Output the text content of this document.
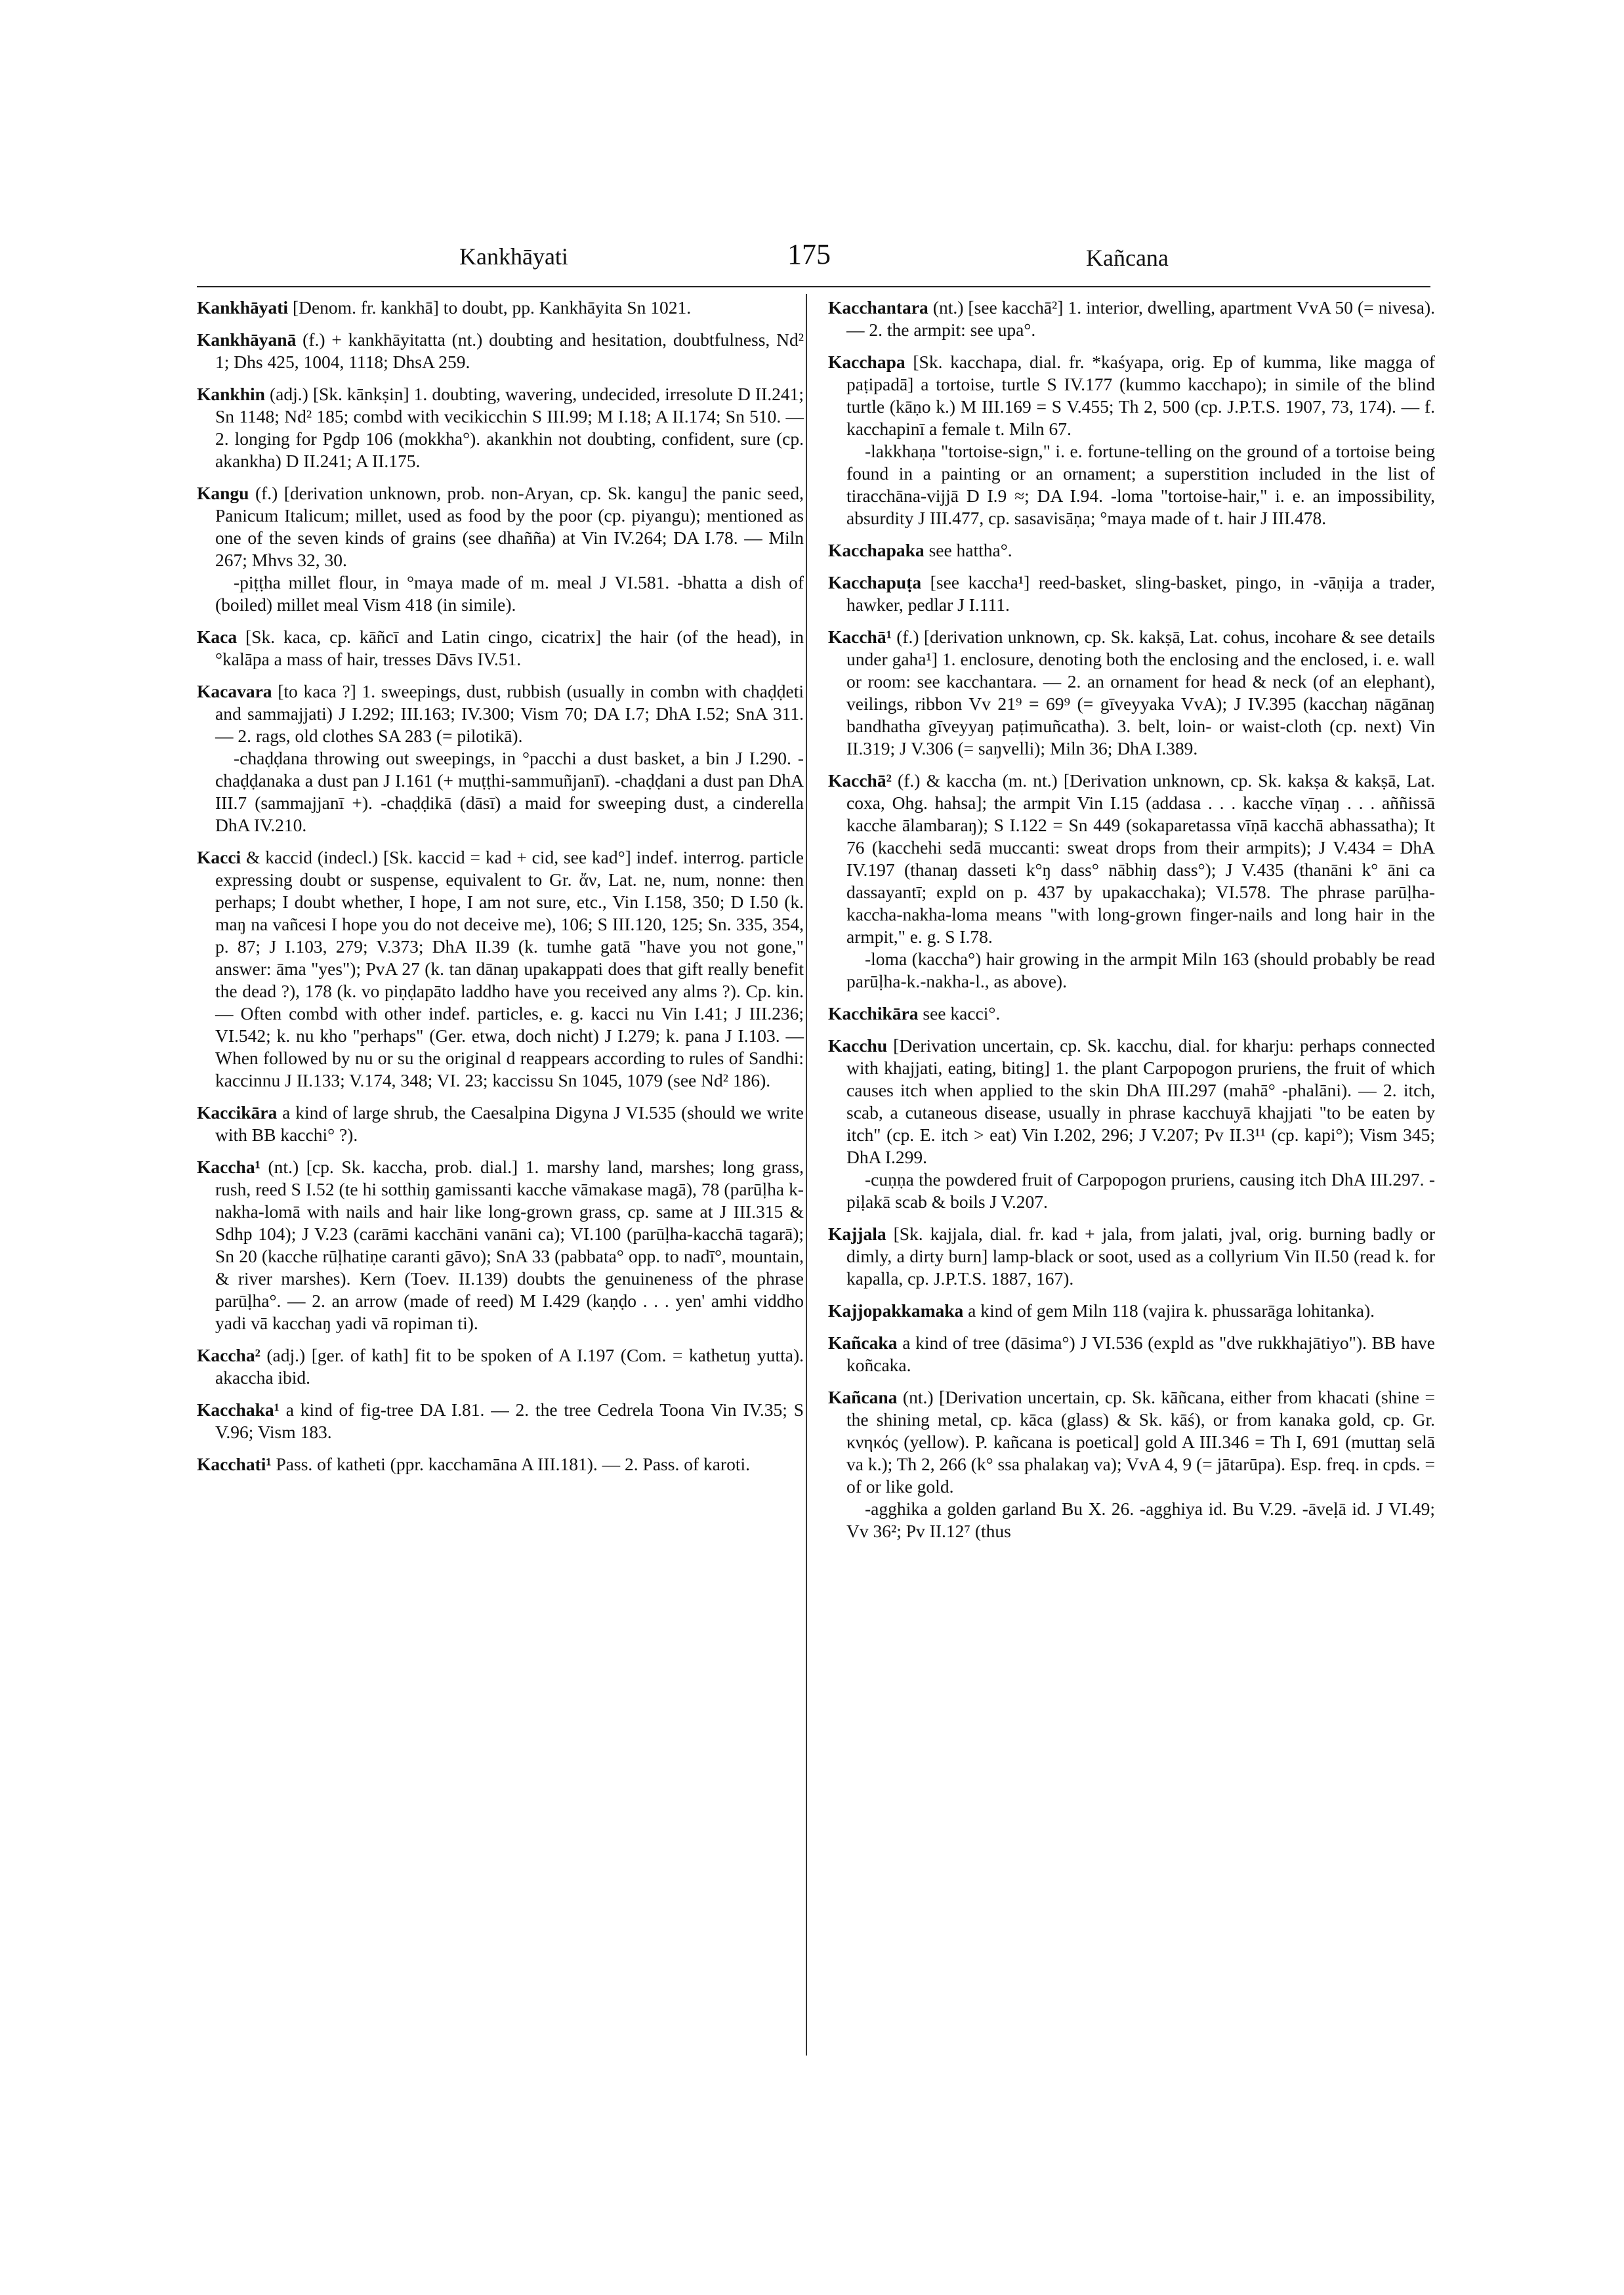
Kankhāyati	175	Kañcana

Kankhāyati [Denom. fr. kankhā] to doubt, pp. Kankhāyita Sn 1021.

Kankhāyanā (f.) + kankhāyitatta (nt.) doubting and hesitation, doubtfulness, Nd² 1; Dhs 425, 1004, 1118; DhsA 259.

Kankhin (adj.) [Sk. kānkṣin] 1. doubting, wavering, undecided, irresolute D II.241; Sn 1148; Nd² 185; combd with vecikicchin S III.99; M I.18; A II.174; Sn 510. — 2. longing for Pgdp 106 (mokkha°). akankhin not doubting, confident, sure (cp. akankha) D II.241; A II.175.

Kangu (f.) [derivation unknown, prob. non-Aryan, cp. Sk. kangu] the panic seed, Panicum Italicum; millet, used as food by the poor (cp. piyangu); mentioned as one of the seven kinds of grains (see dhañña) at Vin IV.264; DA I.78. — Miln 267; Mhvs 32, 30.

-piṭṭha millet flour, in °maya made of m. meal J VI.581. -bhatta a dish of (boiled) millet meal Vism 418 (in simile).

Kaca [Sk. kaca, cp. kāñcī and Latin cingo, cicatrix] the hair (of the head), in °kalāpa a mass of hair, tresses Dāvs IV.51.

Kacavara [to kaca ?] 1. sweepings, dust, rubbish (usually in combn with chaḍḍeti and sammajjati) J I.292; III.163; IV.300; Vism 70; DA I.7; DhA I.52; SnA 311. — 2. rags, old clothes SA 283 (= pilotikā).

-chaḍḍana throwing out sweepings, in °pacchi a dust basket, a bin J I.290. -chaḍḍanaka a dust pan J I.161 (+ muṭṭhi-sammuñjanī). -chaḍḍani a dust pan DhA III.7 (sammajjanī +). -chaḍḍikā (dāsī) a maid for sweeping dust, a cinderella DhA IV.210.

Kacci & kaccid (indecl.) [Sk. kaccid = kad + cid, see kad°] indef. interrog. particle expressing doubt or suspense, equivalent to Gr. ἄν, Lat. ne, num, nonne: then perhaps; I doubt whether, I hope, I am not sure, etc., Vin I.158, 350; D I.50 (k. maŋ na vañcesi I hope you do not deceive me), 106; S III.120, 125; Sn. 335, 354, p. 87; J I.103, 279; V.373; DhA II.39 (k. tumhe gatā "have you not gone," answer: āma "yes"); PvA 27 (k. tan dānaŋ upakappati does that gift really benefit the dead ?), 178 (k. vo piṇḍapāto laddho have you received any alms ?). Cp. kin. — Often combd with other indef. particles, e. g. kacci nu Vin I.41; J III.236; VI.542; k. nu kho "perhaps" (Ger. etwa, doch nicht) J I.279; k. pana J I.103. — When followed by nu or su the original d reappears according to rules of Sandhi: kaccinnu J II.133; V.174, 348; VI. 23; kaccissu Sn 1045, 1079 (see Nd² 186).

Kaccikāra a kind of large shrub, the Caesalpina Digyna J VI.535 (should we write with BB kacchi° ?).

Kaccha¹ (nt.) [cp. Sk. kaccha, prob. dial.] 1. marshy land, marshes; long grass, rush, reed S I.52 (te hi sotthiŋ gamissanti kacche vāmakase magā), 78 (parūḷha k-nakha-lomā with nails and hair like long-grown grass, cp. same at J III.315 & Sdhp 104); J V.23 (carāmi kacchāni vanāni ca); VI.100 (parūḷha-kacchā tagarā); Sn 20 (kacche rūḷhatiṇe caranti gāvo); SnA 33 (pabbata° opp. to nadī°, mountain, & river marshes). Kern (Toev. II.139) doubts the genuineness of the phrase parūḷha°. — 2. an arrow (made of reed) M I.429 (kaṇḍo . . . yen' amhi viddho yadi vā kacchaŋ yadi vā ropiman ti).

Kaccha² (adj.) [ger. of kath] fit to be spoken of A I.197 (Com. = kathetuŋ yutta). akaccha ibid.

Kacchaka¹ a kind of fig-tree DA I.81. — 2. the tree Cedrela Toona Vin IV.35; S V.96; Vism 183.

Kacchati¹ Pass. of katheti (ppr. kacchamāna A III.181). — 2. Pass. of karoti.

Kacchantara (nt.) [see kacchā²] 1. interior, dwelling, apartment VvA 50 (= nivesa). — 2. the armpit: see upa°.

Kacchapa [Sk. kacchapa, dial. fr. *kaśyapa, orig. Ep of kumma, like magga of paṭipadā] a tortoise, turtle S IV.177 (kummo kacchapo); in simile of the blind turtle (kāṇo k.) M III.169 = S V.455; Th 2, 500 (cp. J.P.T.S. 1907, 73, 174). — f. kacchapinī a female t. Miln 67.

-lakkhaṇa "tortoise-sign," i. e. fortune-telling on the ground of a tortoise being found in a painting or an ornament; a superstition included in the list of tiracchāna-vijjā D I.9 ≈; DA I.94. -loma "tortoise-hair," i. e. an impossibility, absurdity J III.477, cp. sasavisāṇa; °maya made of t. hair J III.478.

Kacchapaka see hattha°.

Kacchapuṭa [see kaccha¹] reed-basket, sling-basket, pingo, in -vāṇija a trader, hawker, pedlar J I.111.

Kacchā¹ (f.) [derivation unknown, cp. Sk. kakṣā, Lat. cohus, incohare & see details under gaha¹] 1. enclosure, denoting both the enclosing and the enclosed, i. e. wall or room: see kacchantara. — 2. an ornament for head & neck (of an elephant), veilings, ribbon Vv 21⁹ = 69⁹ (= gīveyyaka VvA); J IV.395 (kacchaŋ nāgānaŋ bandhatha gīveyyaŋ paṭimuñcatha). 3. belt, loin- or waist-cloth (cp. next) Vin II.319; J V.306 (= saŋvelli); Miln 36; DhA I.389.

Kacchā² (f.) & kaccha (m. nt.) [Derivation unknown, cp. Sk. kakṣa & kakṣā, Lat. coxa, Ohg. hahsa]; the armpit Vin I.15 (addasa . . . kacche vīṇaŋ . . . aññissā kacche ālambaraŋ); S I.122 = Sn 449 (sokaparetassa vīṇā kacchā abhassatha); It 76 (kacchehi sedā muccanti: sweat drops from their armpits); J V.434 = DhA IV.197 (thanaŋ dasseti k°ŋ dass° nābhiŋ dass°); J V.435 (thanāni k° āni ca dassayantī; expld on p. 437 by upakacchaka); VI.578. The phrase parūḷha-kaccha-nakha-loma means "with long-grown finger-nails and long hair in the armpit," e. g. S I.78.

-loma (kaccha°) hair growing in the armpit Miln 163 (should probably be read parūḷha-k.-nakha-l., as above).

Kacchikāra see kacci°.

Kacchu [Derivation uncertain, cp. Sk. kacchu, dial. for kharju: perhaps connected with khajjati, eating, biting] 1. the plant Carpopogon pruriens, the fruit of which causes itch when applied to the skin DhA III.297 (mahā° -phalāni). — 2. itch, scab, a cutaneous disease, usually in phrase kacchuyā khajjati "to be eaten by itch" (cp. E. itch > eat) Vin I.202, 296; J V.207; Pv II.3¹¹ (cp. kapi°); Vism 345; DhA I.299.

-cuṇṇa the powdered fruit of Carpopogon pruriens, causing itch DhA III.297. -piḷakā scab & boils J V.207.

Kajjala [Sk. kajjala, dial. fr. kad + jala, from jalati, jval, orig. burning badly or dimly, a dirty burn] lamp-black or soot, used as a collyrium Vin II.50 (read k. for kapalla, cp. J.P.T.S. 1887, 167).

Kajjopakkamaka a kind of gem Miln 118 (vajira k. phussarāga lohitanka).

Kañcaka a kind of tree (dāsima°) J VI.536 (expld as "dve rukkhajātiyo"). BB have koñcaka.

Kañcana (nt.) [Derivation uncertain, cp. Sk. kāñcana, either from khacati (shine = the shining metal, cp. kāca (glass) & Sk. kāś), or from kanaka gold, cp. Gr. κνηκός (yellow). P. kañcana is poetical] gold A III.346 = Th I, 691 (muttaŋ selā va k.); Th 2, 266 (k° ssa phalakaŋ va); VvA 4, 9 (= jātarūpa). Esp. freq. in cpds. = of or like gold.

-agghika a golden garland Bu X. 26. -agghiya id. Bu V.29. -āveḷā id. J VI.49; Vv 36²; Pv II.12⁷ (thus
